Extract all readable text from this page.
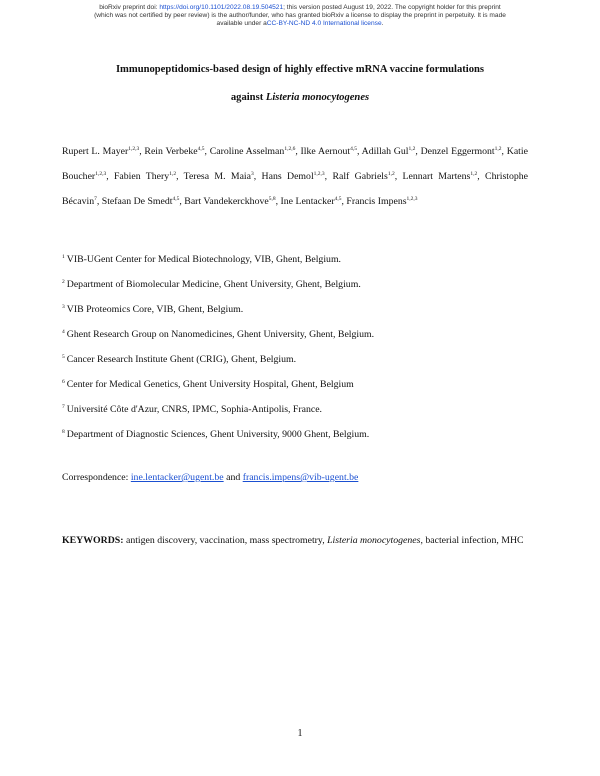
bioRxiv preprint doi: https://doi.org/10.1101/2022.08.19.504521; this version posted August 19, 2022. The copyright holder for this preprint
(which was not certified by peer review) is the author/funder, who has granted bioRxiv a license to display the preprint in perpetuity. It is made
available under aCC-BY-NC-ND 4.0 International license.
Immunopeptidomics-based design of highly effective mRNA vaccine formulations
against Listeria monocytogenes
Rupert L. Mayer$^{1,2,3}$, Rein Verbeke$^{4,5}$, Caroline Asselman$^{1,2,6}$, Ilke Aernout$^{4,5}$, Adillah Gul$^{1,2}$, Denzel Eggermont$^{1,2}$, Katie Boucher$^{1,2,3}$, Fabien Thery$^{1,2}$, Teresa M. Maia$^3$, Hans Demol$^{1,2,3}$, Ralf Gabriels$^{1,2}$, Lennart Martens$^{1,2}$, Christophe Bécavin$^7$, Stefaan De Smedt$^{4,5}$, Bart Vandekerckhove$^{5,8}$, Ine Lentacker$^{4,5}$, Francis Impens$^{1,2,3}$
$^1$ VIB-UGent Center for Medical Biotechnology, VIB, Ghent, Belgium.
$^2$ Department of Biomolecular Medicine, Ghent University, Ghent, Belgium.
$^3$ VIB Proteomics Core, VIB, Ghent, Belgium.
$^4$ Ghent Research Group on Nanomedicines, Ghent University, Ghent, Belgium.
$^5$ Cancer Research Institute Ghent (CRIG), Ghent, Belgium.
$^6$ Center for Medical Genetics, Ghent University Hospital, Ghent, Belgium
$^7$ Université Côte d'Azur, CNRS, IPMC, Sophia-Antipolis, France.
$^8$ Department of Diagnostic Sciences, Ghent University, 9000 Ghent, Belgium.
Correspondence: ine.lentacker@ugent.be and francis.impens@vib-ugent.be
KEYWORDS: antigen discovery, vaccination, mass spectrometry, Listeria monocytogenes, bacterial infection, MHC
1
